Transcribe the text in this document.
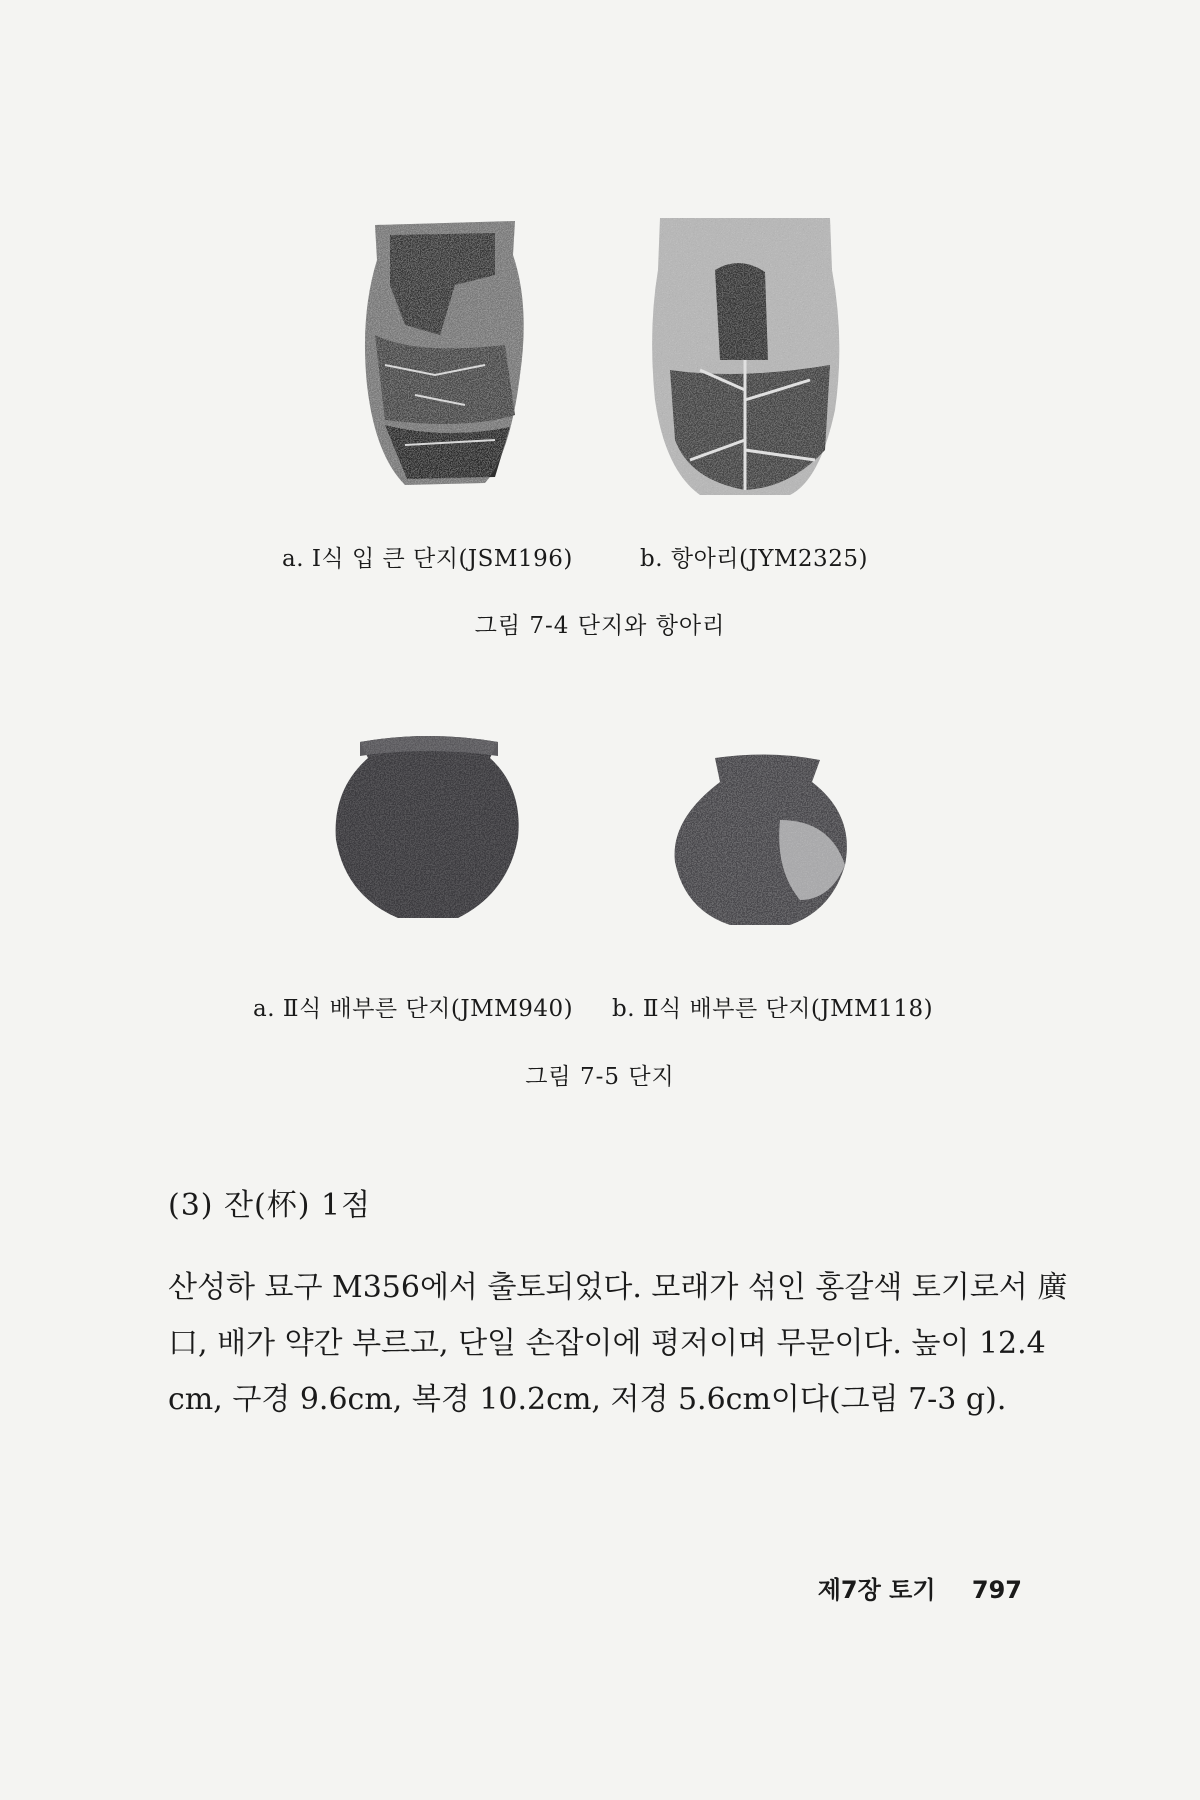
a. Ⅰ식 입 큰 단지(JSM196)	b. 항아리(JYM2325)
그림 7-4 단지와 항아리
a. Ⅱ식 배부른 단지(JMM940) b. Ⅱ식 배부른 단지(JMM118)
그림 7-5 단지
(3) 잔(杯) 1점
산성하 묘구 M356에서 출토되었다. 모래가 섞인 홍갈색 토기로서 廣
口, 배가 약간 부르고, 단일 손잡이에 평저이며 무문이다. 높이 12.4
cm, 구경 9.6cm, 복경 10.2cm, 저경 5.6cm이다(그림 7-3 g).
제7장 토기 797
